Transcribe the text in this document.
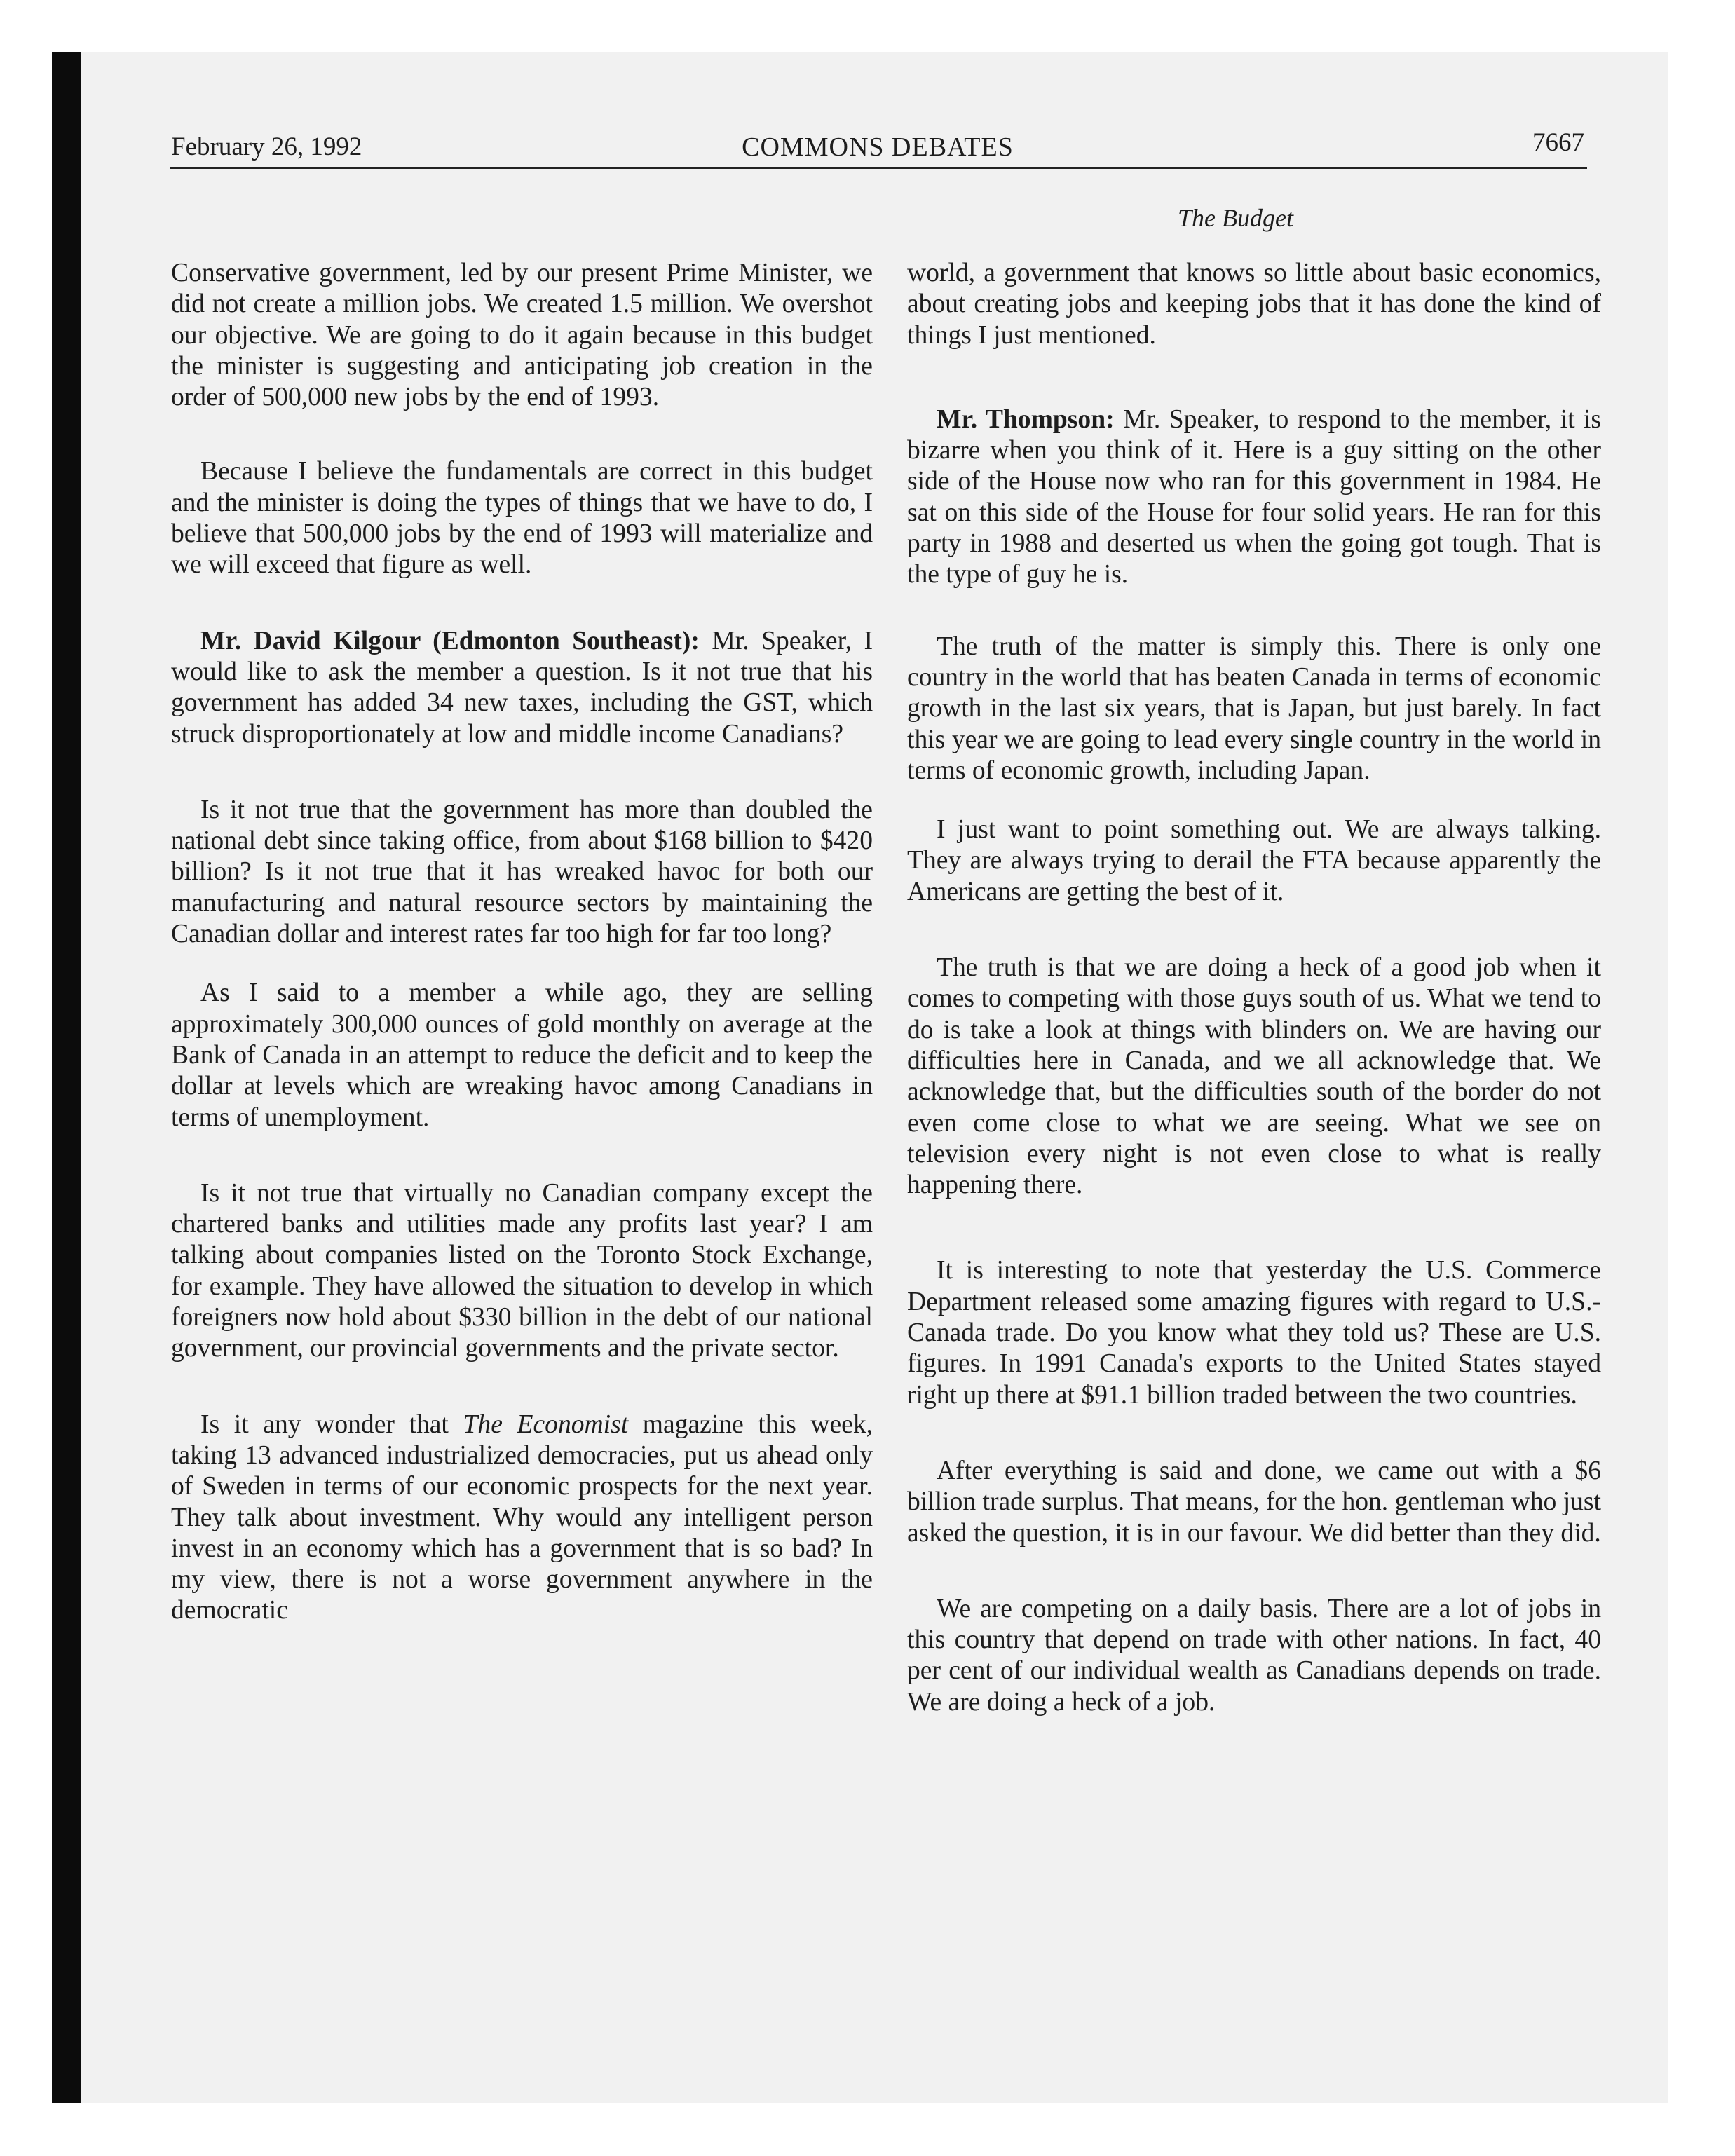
February 26, 1992	COMMONS DEBATES	7667
The Budget

Conservative government, led by our present Prime Minister, we did not create a million jobs. We created 1.5 million. We overshot our objective. We are going to do it again because in this budget the minister is suggesting and anticipating job creation in the order of 500,000 new jobs by the end of 1993.

Because I believe the fundamentals are correct in this budget and the minister is doing the types of things that we have to do, I believe that 500,000 jobs by the end of 1993 will materialize and we will exceed that figure as well.

Mr. David Kilgour (Edmonton Southeast): Mr. Speaker, I would like to ask the member a question. Is it not true that his government has added 34 new taxes, including the GST, which struck disproportionately at low and middle income Canadians?

Is it not true that the government has more than doubled the national debt since taking office, from about $168 billion to $420 billion? Is it not true that it has wreaked havoc for both our manufacturing and natural resource sectors by maintaining the Canadian dollar and interest rates far too high for far too long?

As I said to a member a while ago, they are selling approximately 300,000 ounces of gold monthly on average at the Bank of Canada in an attempt to reduce the deficit and to keep the dollar at levels which are wreaking havoc among Canadians in terms of unemployment.

Is it not true that virtually no Canadian company except the chartered banks and utilities made any profits last year? I am talking about companies listed on the Toronto Stock Exchange, for example. They have allowed the situation to develop in which foreigners now hold about $330 billion in the debt of our national government, our provincial governments and the private sector.

Is it any wonder that The Economist magazine this week, taking 13 advanced industrialized democracies, put us ahead only of Sweden in terms of our economic prospects for the next year. They talk about investment. Why would any intelligent person invest in an economy which has a government that is so bad? In my view, there is not a worse government anywhere in the democratic

world, a government that knows so little about basic economics, about creating jobs and keeping jobs that it has done the kind of things I just mentioned.

Mr. Thompson: Mr. Speaker, to respond to the member, it is bizarre when you think of it. Here is a guy sitting on the other side of the House now who ran for this government in 1984. He sat on this side of the House for four solid years. He ran for this party in 1988 and deserted us when the going got tough. That is the type of guy he is.

The truth of the matter is simply this. There is only one country in the world that has beaten Canada in terms of economic growth in the last six years, that is Japan, but just barely. In fact this year we are going to lead every single country in the world in terms of economic growth, including Japan.

I just want to point something out. We are always talking. They are always trying to derail the FTA because apparently the Americans are getting the best of it.

The truth is that we are doing a heck of a good job when it comes to competing with those guys south of us. What we tend to do is take a look at things with blinders on. We are having our difficulties here in Canada, and we all acknowledge that. We acknowledge that, but the difficulties south of the border do not even come close to what we are seeing. What we see on television every night is not even close to what is really happening there.

It is interesting to note that yesterday the U.S. Commerce Department released some amazing figures with regard to U.S.-Canada trade. Do you know what they told us? These are U.S. figures. In 1991 Canada's exports to the United States stayed right up there at $91.1 billion traded between the two countries.

After everything is said and done, we came out with a $6 billion trade surplus. That means, for the hon. gentleman who just asked the question, it is in our favour. We did better than they did.

We are competing on a daily basis. There are a lot of jobs in this country that depend on trade with other nations. In fact, 40 per cent of our individual wealth as Canadians depends on trade. We are doing a heck of a job.
